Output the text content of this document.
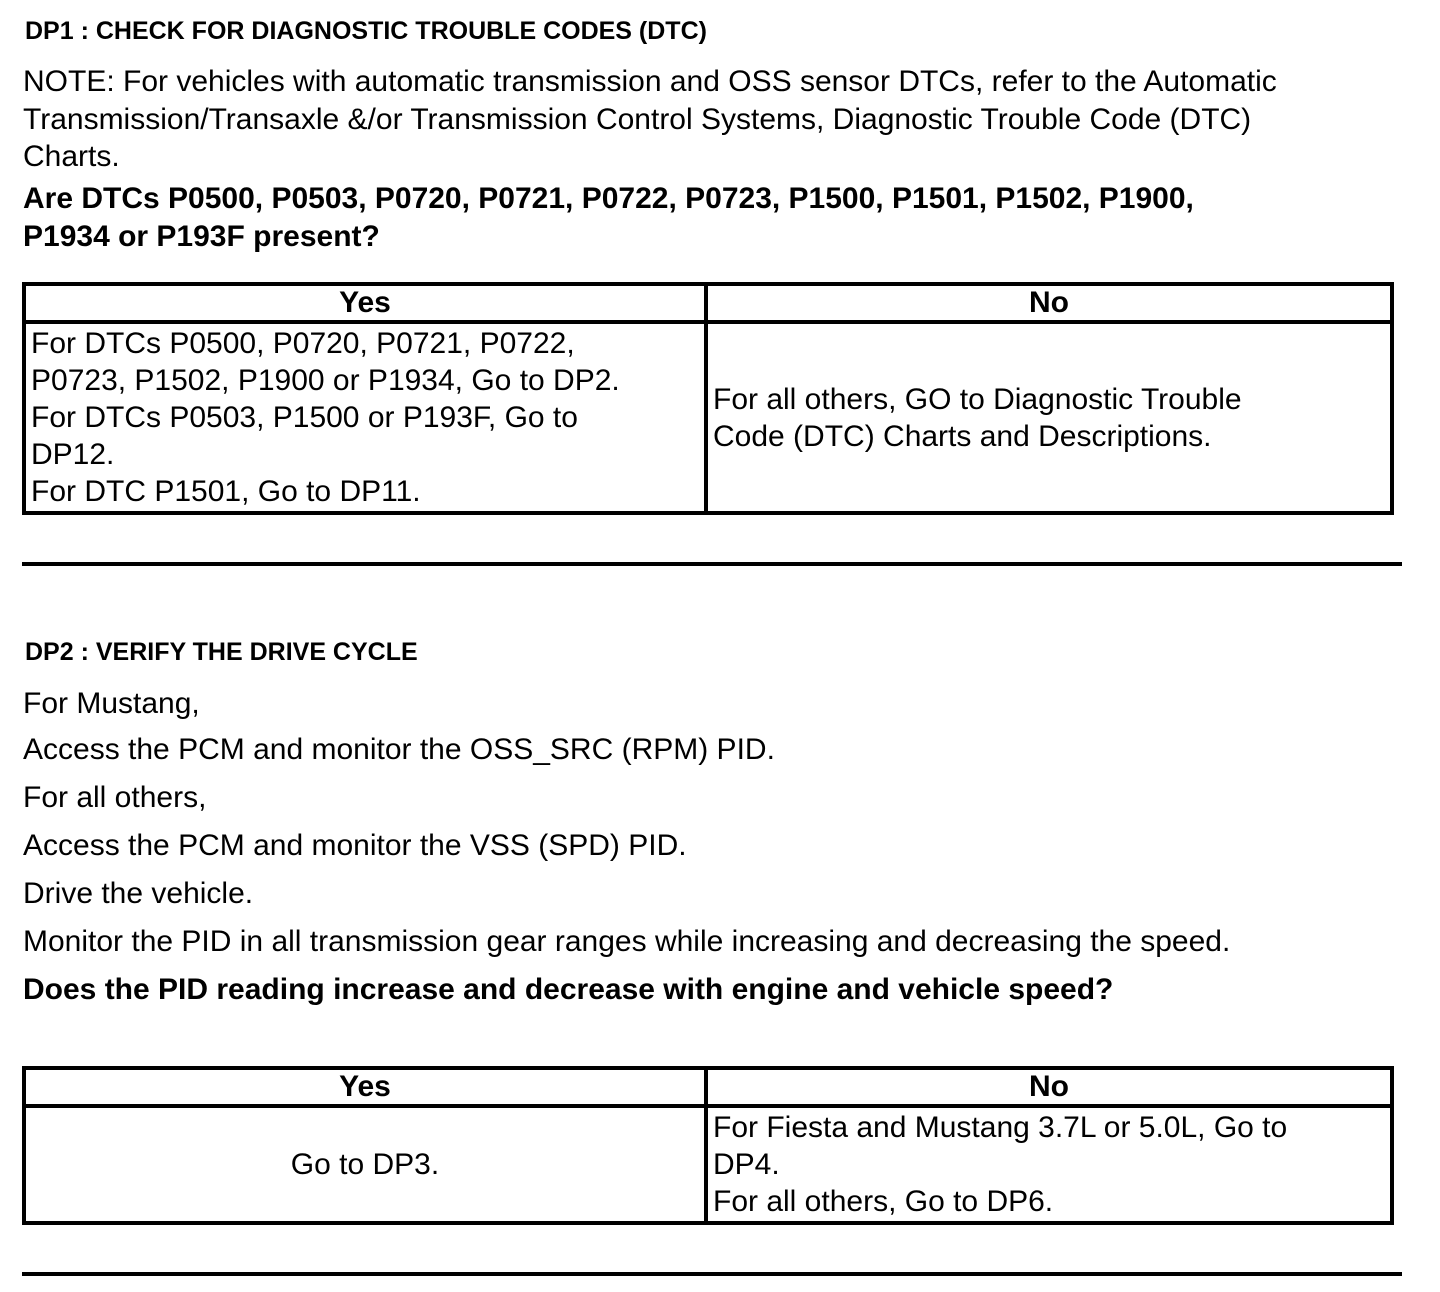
DP1 : CHECK FOR DIAGNOSTIC TROUBLE CODES (DTC)
NOTE: For vehicles with automatic transmission and OSS sensor DTCs, refer to the Automatic
Transmission/Transaxle &/or Transmission Control Systems, Diagnostic Trouble Code (DTC)
Charts.
Are DTCs P0500, P0503, P0720, P0721, P0722, P0723, P1500, P1501, P1502, P1900,
P1934 or P193F present?
Yes	No

For DTCs P0500, P0720, P0721, P0722,
P0723, P1502, P1900 or P1934, Go to DP2.
For DTCs P0503, P1500 or P193F, Go to
DP12.
For DTC P1501, Go to DP11.	For all others, GO to Diagnostic Trouble
Code (DTC) Charts and Descriptions.
DP2 : VERIFY THE DRIVE CYCLE
For Mustang,
Access the PCM and monitor the OSS_SRC (RPM) PID.
For all others,
Access the PCM and monitor the VSS (SPD) PID.
Drive the vehicle.
Monitor the PID in all transmission gear ranges while increasing and decreasing the speed.
Does the PID reading increase and decrease with engine and vehicle speed?
Yes	No
Go to DP3.	For Fiesta and Mustang 3.7L or 5.0L, Go to
DP4.
For all others, Go to DP6.
